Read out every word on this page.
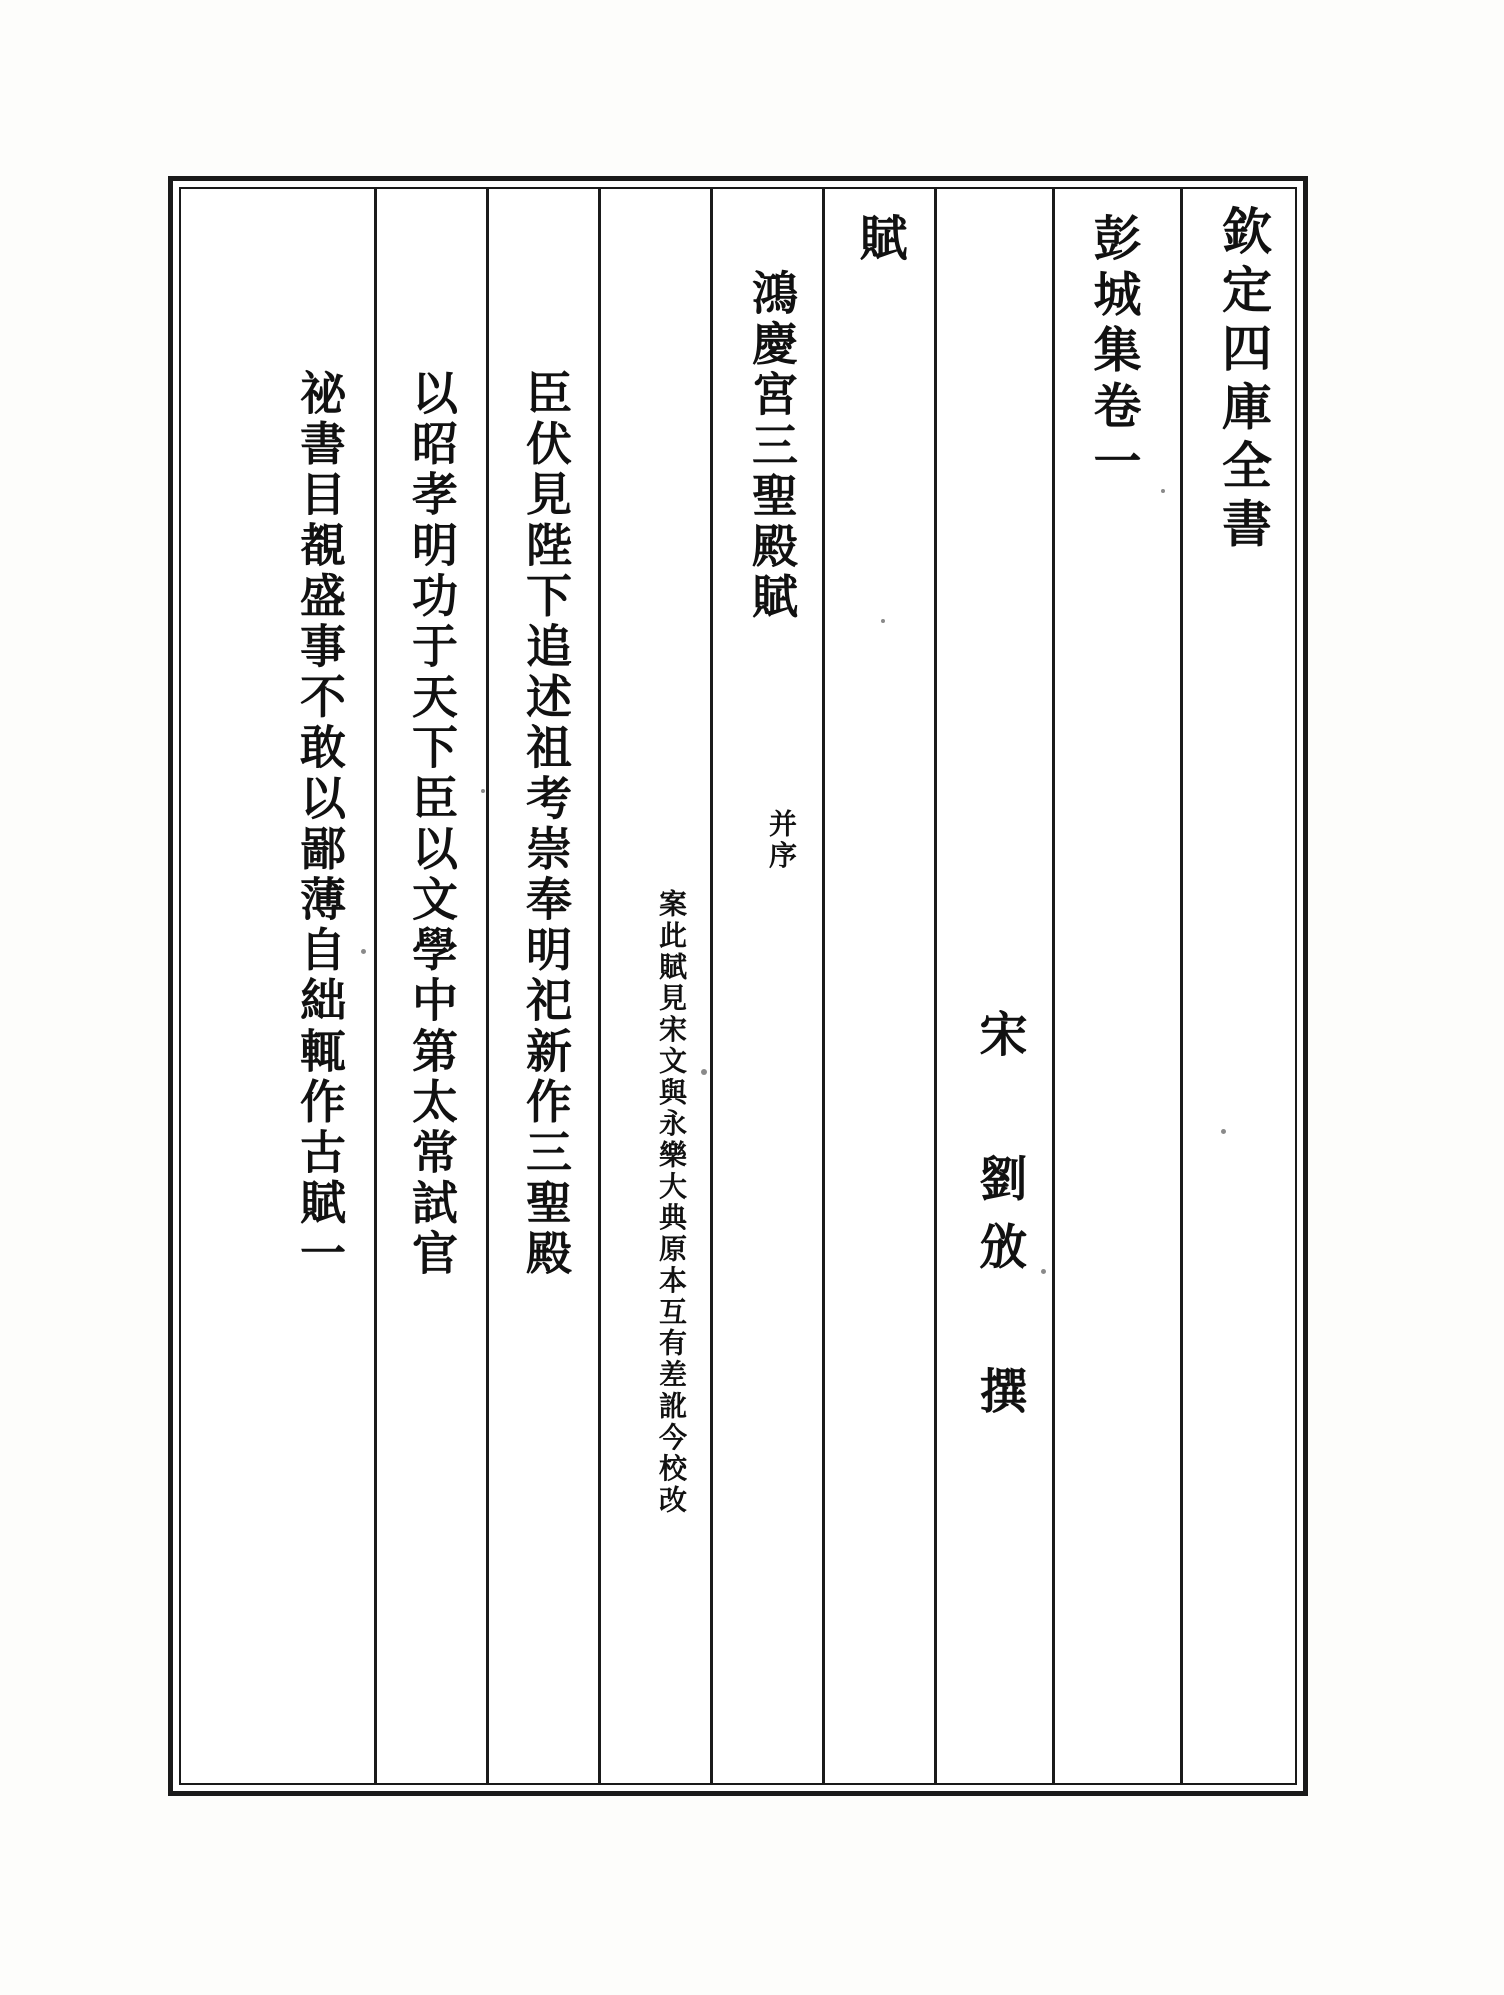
欽定四庫全書
彭城集卷一
宋 劉攽 撰
賦
鴻慶宮三聖殿賦
并序
案此賦見宋文與永樂大典原本互有差訛今校改
臣伏見陛下追述祖考崇奉明祀新作三聖殿
以昭孝明功于天下臣以文學中第太常試官
祕書目覩盛事不敢以鄙薄自絀輒作古賦一
